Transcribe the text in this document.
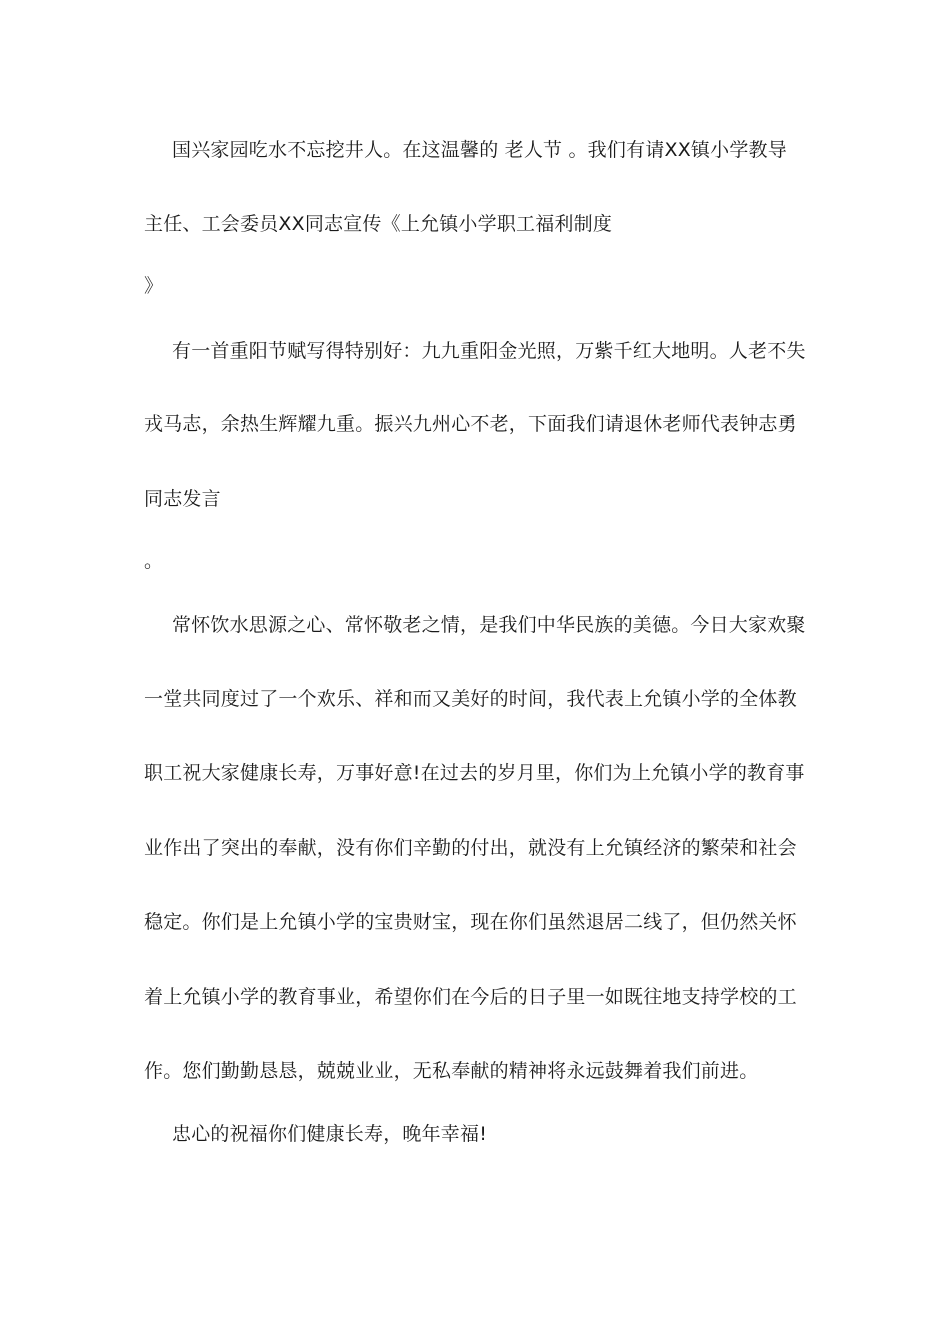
国兴家园吃水不忘挖井人。在这温馨的 老人节 。我们有请ⅩⅩ镇小学教导
主任、工会委员ⅩⅩ同志宣传《上允镇小学职工福利制度
》
有一首重阳节赋写得特别好：九九重阳金光照，万紫千红大地明。人老不失
戎马志，余热生辉耀九重。振兴九州心不老，下面我们请退休老师代表钟志勇
同志发言
。
常怀饮水思源之心、常怀敬老之情，是我们中华民族的美德。今日大家欢聚
一堂共同度过了一个欢乐、祥和而又美好的时间，我代表上允镇小学的全体教
职工祝大家健康长寿，万事好意!在过去的岁月里，你们为上允镇小学的教育事
业作出了突出的奉献，没有你们辛勤的付出，就没有上允镇经济的繁荣和社会
稳定。你们是上允镇小学的宝贵财宝，现在你们虽然退居二线了，但仍然关怀
着上允镇小学的教育事业，希望你们在今后的日子里一如既往地支持学校的工
作。您们勤勤恳恳，兢兢业业，无私奉献的精神将永远鼓舞着我们前进。
忠心的祝福你们健康长寿，晚年幸福!
